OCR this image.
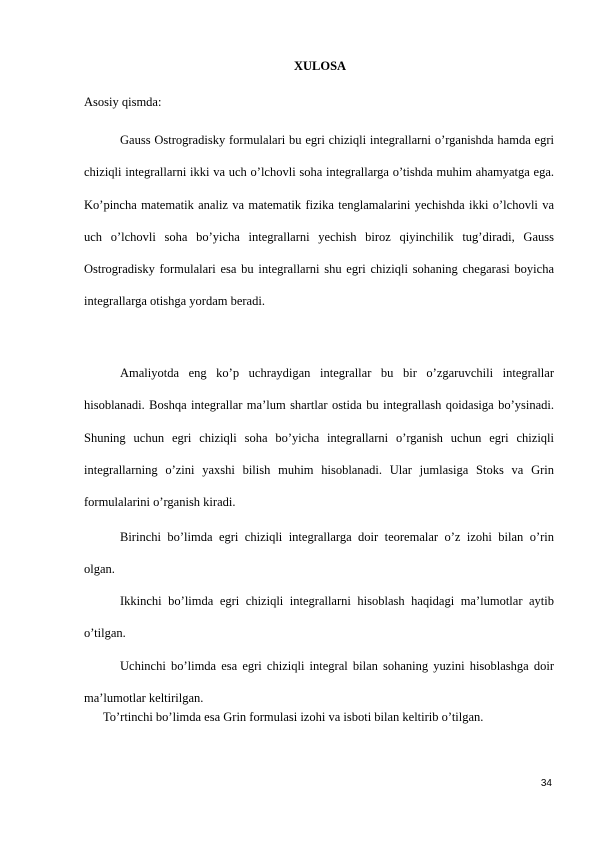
XULOSA
Asosiy qismda:

Gauss Ostrogradisky formulalari bu egri chiziqli integrallarni o’rganishda hamda egri chiziqli integrallarni ikki va uch o’lchovli soha integrallarga o’tishda muhim ahamyatga ega. Ko’pincha matematik analiz va matematik fizika tenglamalarini yechishda ikki o’lchovli va uch o’lchovli soha bo’yicha integrallarni yechish biroz qiyinchilik tug’diradi, Gauss Ostrogradisky formulalari esa bu integrallarni shu egri chiziqli sohaning chegarasi boyicha integrallarga otishga yordam beradi.

Amaliyotda eng ko’p uchraydigan integrallar bu bir o’zgaruvchili integrallar hisoblanadi. Boshqa integrallar ma’lum shartlar ostida bu integrallash qoidasiga bo’ysinadi. Shuning uchun egri chiziqli soha bo’yicha integrallarni o’rganish uchun egri chiziqli integrallarning o’zini yaxshi bilish muhim hisoblanadi. Ular jumlasiga Stoks va Grin formulalarini o’rganish kiradi.

Birinchi bo’limda egri chiziqli integrallarga doir teoremalar o’z izohi bilan o’rin olgan.

Ikkinchi bo’limda egri chiziqli integrallarni hisoblash haqidagi ma’lumotlar aytib o’tilgan.

Uchinchi bo’limda esa egri chiziqli integral bilan sohaning yuzini hisoblashga doir ma’lumotlar keltirilgan.

To’rtinchi bo’limda esa Grin formulasi izohi va isboti bilan keltirib o’tilgan.
34
